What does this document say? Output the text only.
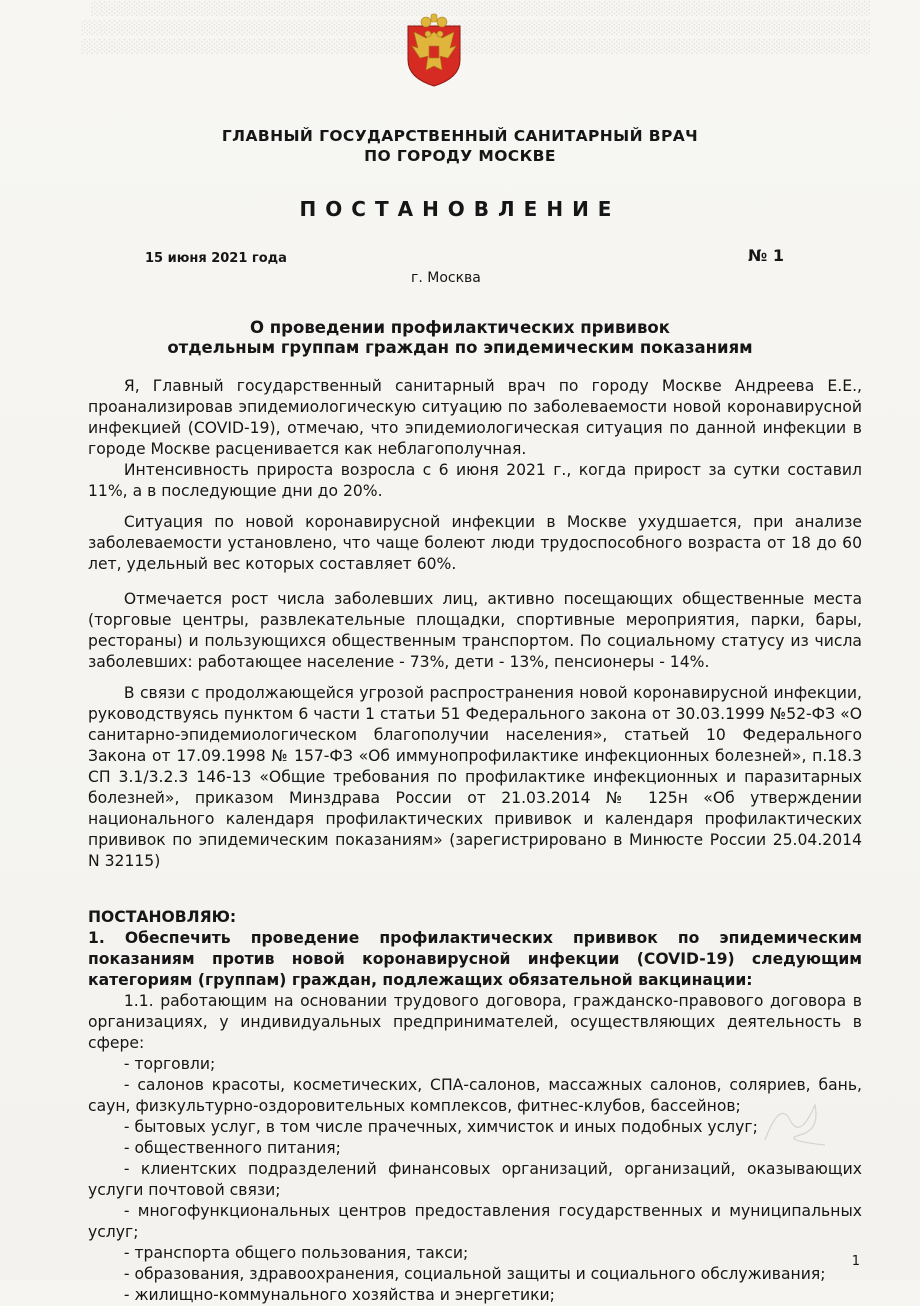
░░░░░░░░░░░░░░░░░░░░░░░░░░░░░░░░░░░░░░░░░░░░░░░░░░░░░░░░░░░░░░░░░░░░░░░░░░░░░░
░░░░░░░░░░░░░░░░░░░░░░░░░░░░░░░░░░░░░░░░░░░░░░░░░░░░░░░░░░░░░░░░░░░░░░░░░░░░░░░
░░░░░░░░░░░░░░░░░░░░░░░░░░░░░░░░░░░░░░░░░░░░░░░░░░░░░░░░░░░░░░░░░░░░░░░░░░░░░░░

ГЛАВНЫЙ ГОСУДАРСТВЕННЫЙ САНИТАРНЫЙ ВРАЧ
ПО ГОРОДУ МОСКВЕ
ПОСТАНОВЛЕНИЕ
15 июня 2021 года	№ 1
г. Москва
О проведении профилактических прививок
отдельным группам граждан по эпидемическим показаниям

Я, Главный государственный санитарный врач по городу Москве Андреева Е.Е., проанализировав эпидемиологическую ситуацию по заболеваемости новой коронавирусной инфекцией (COVID-19), отмечаю, что эпидемиологическая ситуация по данной инфекции в городе Москве расценивается как неблагополучная.

Интенсивность прироста возросла с 6 июня 2021 г., когда прирост за сутки составил 11%, а в последующие дни до 20%.

Ситуация по новой коронавирусной инфекции в Москве ухудшается, при анализе заболеваемости установлено, что чаще болеют люди трудоспособного возраста от 18 до 60 лет, удельный вес которых составляет 60%.

Отмечается рост числа заболевших лиц, активно посещающих общественные места (торговые центры, развлекательные площадки, спортивные мероприятия, парки, бары, рестораны) и пользующихся общественным транспортом. По социальному статусу из числа заболевших: работающее население - 73%, дети - 13%, пенсионеры - 14%.

В связи с продолжающейся угрозой распространения новой коронавирусной инфекции, руководствуясь пунктом 6 части 1 статьи 51 Федерального закона от 30.03.1999 №52-ФЗ «О санитарно-эпидемиологическом благополучии населения», статьей 10 Федерального Закона от 17.09.1998 № 157-ФЗ «Об иммунопрофилактике инфекционных болезней», п.18.3 СП 3.1/3.2.3 146-13 «Общие требования по профилактике инфекционных и паразитарных болезней», приказом Минздрава России от 21.03.2014 № 125н «Об утверждении национального календаря профилактических прививок и календаря профилактических прививок по эпидемическим показаниям» (зарегистрировано в Минюсте России 25.04.2014 N 32115)

ПОСТАНОВЛЯЮ:

1. Обеспечить проведение профилактических прививок по эпидемическим показаниям против новой коронавирусной инфекции (COVID-19) следующим категориям (группам) граждан, подлежащих обязательной вакцинации:

1.1. работающим на основании трудового договора, гражданско-правового договора в организациях, у индивидуальных предпринимателей, осуществляющих деятельность в сфере:

- торговли;

- салонов красоты, косметических, СПА-салонов, массажных салонов, соляриев, бань, саун, физкультурно-оздоровительных комплексов, фитнес-клубов, бассейнов;

- бытовых услуг, в том числе прачечных, химчисток и иных подобных услуг;

- общественного питания;

- клиентских подразделений финансовых организаций, организаций, оказывающих услуги почтовой связи;

- многофункциональных центров предоставления государственных и муниципальных услуг;

- транспорта общего пользования, такси;

- образования, здравоохранения, социальной защиты и социального обслуживания;

- жилищно-коммунального хозяйства и энергетики;

1
